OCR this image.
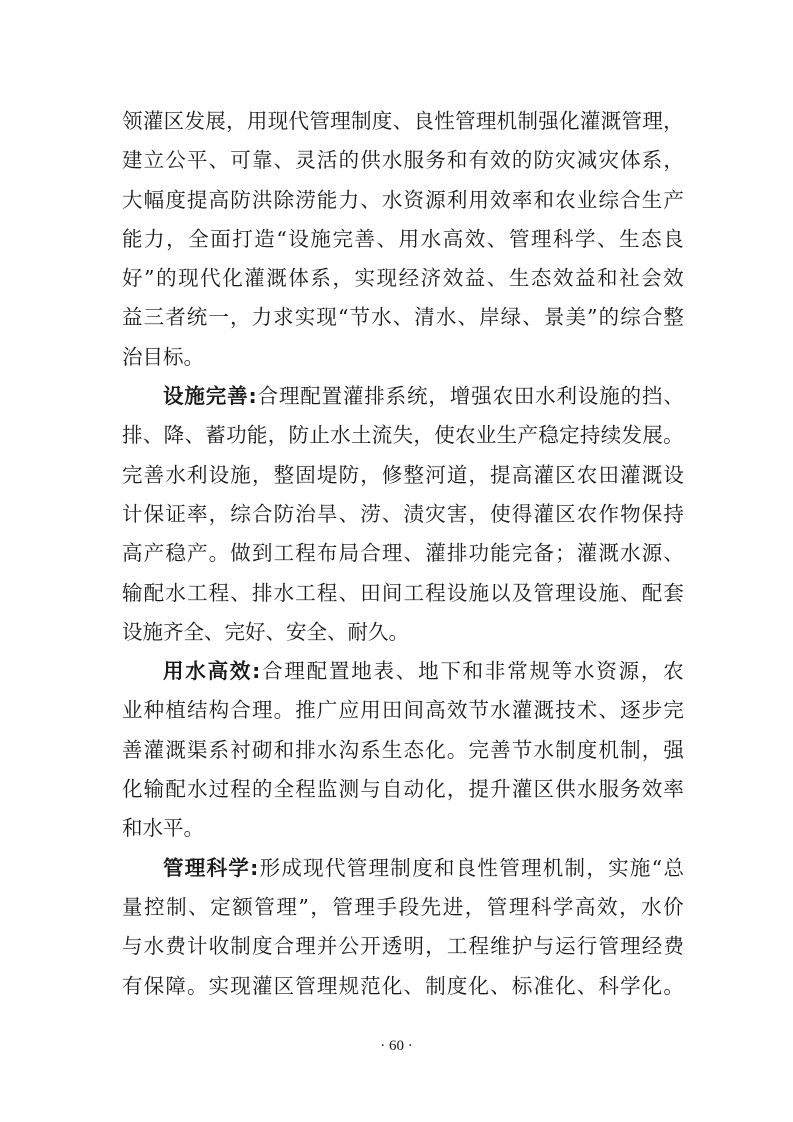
领 灌 区 发 展 ， 用 现 代 管 理 制 度 、 良 性 管 理 机 制 强 化 灌 溉 管 理 ，
建 立 公 平 、 可 靠 、 灵 活 的 供 水 服 务 和 有 效 的 防 灾 减 灾 体 系 ，
大 幅 度 提 高 防 洪 除 涝 能 力 、 水 资 源 利 用 效 率 和 农 业 综 合 生 产
能 力 ， 全 面 打 造 “ 设 施 完 善 、 用 水 高 效 、 管 理 科 学 、 生 态 良
好 ” 的 现 代 化 灌 溉 体 系 ， 实 现 经 济 效 益 、 生 态 效 益 和 社 会 效
益 三 者 统 一 ， 力 求 实 现 “ 节 水 、 清 水 、 岸 绿 、 景 美 ” 的 综 合 整
治目标。
设 施 完 善 : 合 理 配 置 灌 排 系 统 ， 增 强 农 田 水 利 设 施 的 挡 、
排 、 降 、 蓄 功 能 ， 防 止 水 土 流 失 ， 使 农 业 生 产 稳 定 持 续 发 展 。
完 善 水 利 设 施 ， 整 固 堤 防 ， 修 整 河 道 ， 提 高 灌 区 农 田 灌 溉 设
计 保 证 率 ， 综 合 防 治 旱 、 涝 、 渍 灾 害 ， 使 得 灌 区 农 作 物 保 持
高 产 稳 产 。 做 到 工 程 布 局 合 理 、 灌 排 功 能 完 备 ； 灌 溉 水 源 、
输 配 水 工 程 、 排 水 工 程 、 田 间 工 程 设 施 以 及 管 理 设 施 、 配 套
设施齐全、完好、安全、耐久。
用 水 高 效 : 合 理 配 置 地 表 、 地 下 和 非 常 规 等 水 资 源 ， 农
业 种 植 结 构 合 理 。 推 广 应 用 田 间 高 效 节 水 灌 溉 技 术 、 逐 步 完
善 灌 溉 渠 系 衬 砌 和 排 水 沟 系 生 态 化 。 完 善 节 水 制 度 机 制 ， 强
化 输 配 水 过 程 的 全 程 监 测 与 自 动 化 ， 提 升 灌 区 供 水 服 务 效 率
和水平。
管 理 科 学 : 形 成 现 代 管 理 制 度 和 良 性 管 理 机 制 ， 实 施 “ 总
量 控 制 、 定 额 管 理 ” ， 管 理 手 段 先 进 ， 管 理 科 学 高 效 ， 水 价
与 水 费 计 收 制 度 合 理 并 公 开 透 明 ， 工 程 维 护 与 运 行 管 理 经 费
有 保 障 。 实 现 灌 区 管 理 规 范 化 、 制 度 化 、 标 准 化 、 科 学 化 。
· 60 ·
